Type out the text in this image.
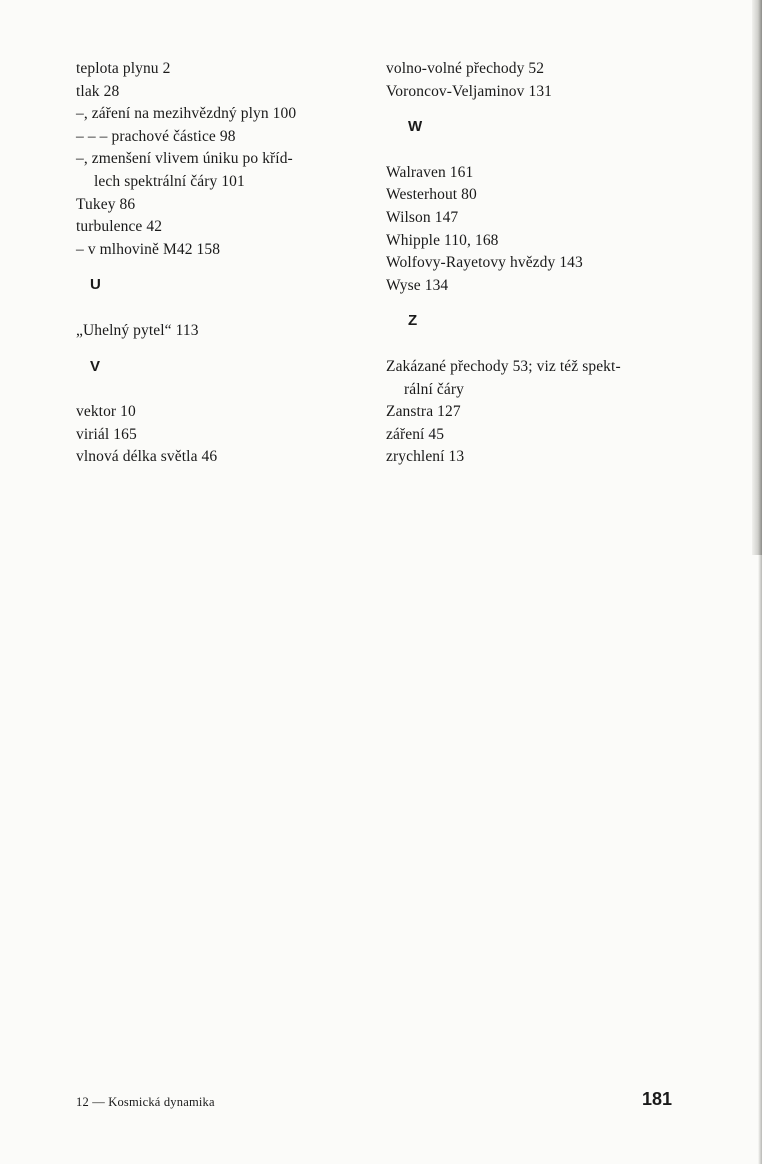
teplota plynu 2
tlak 28
–, záření na mezihvězdný plyn 100
– – – prachové částice 98
–, zmenšení vlivem úniku po kříd-
lech spektrální čáry 101
Tukey 86
turbulence 42
– v mlhovině M42 158
U
„Uhelný pytel“ 113
V
vektor 10
viriál 165
vlnová délka světla 46
volno-volné přechody 52
Voroncov-Veljaminov 131
W
Walraven 161
Westerhout 80
Wilson 147
Whipple 110, 168
Wolfovy-Rayetovy hvězdy 143
Wyse 134
Z
Zakázané přechody 53; viz též spekt-
rální čáry
Zanstra 127
záření 45
zrychlení 13
12 — Kosmická dynamika	181
